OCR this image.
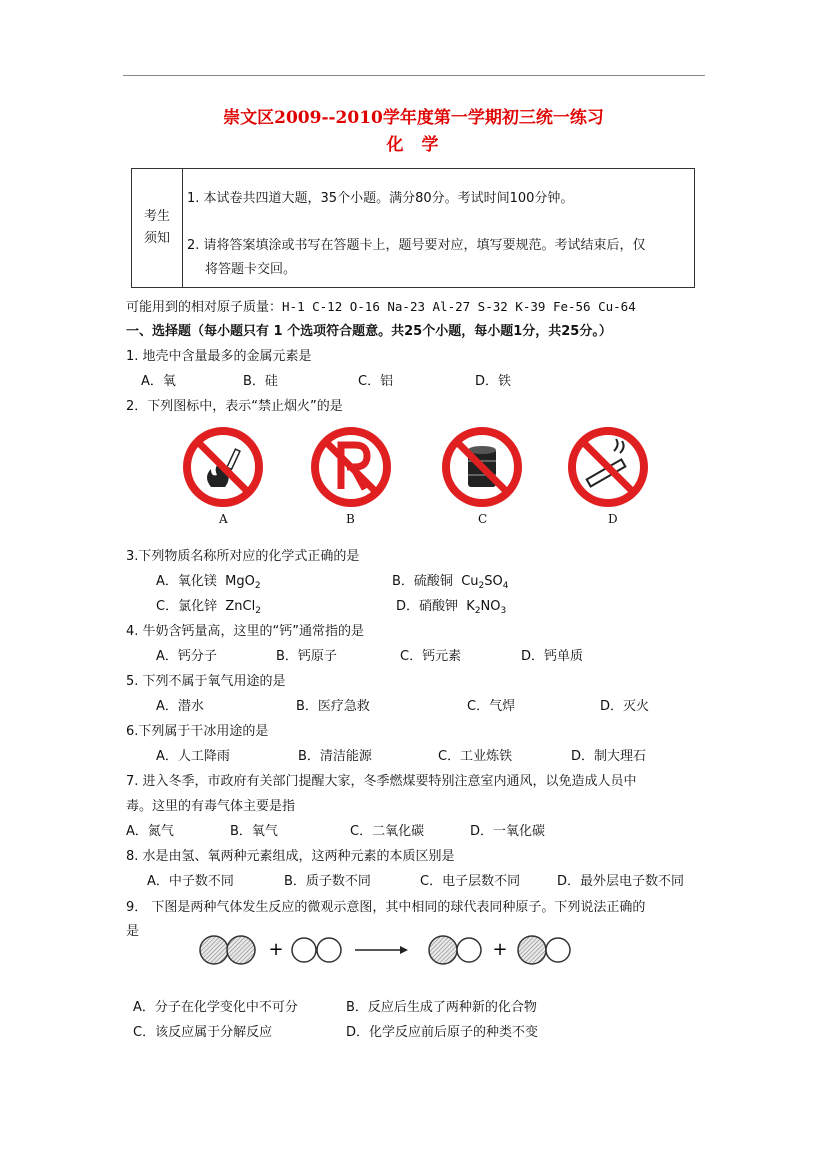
崇文区2009--2010学年度第一学期初三统一练习
化 学
考生
须知
	1. 本试卷共四道大题，35个小题。满分80分。考试时间100分钟。

2. 请将答案填涂或书写在答题卡上，题号要对应，填写要规范。考试结束后，仅
将答题卡交回。
可能用到的相对原子质量：H-1 C-12 O-16 Na-23 Al-27 S-32 K-39 Fe-56 Cu-64
一、选择题（每小题只有 1 个选项符合题意。共25个小题，每小题1分，共25分。）
1. 地壳中含量最多的金属元素是
A．氧	B．硅	C．铝	D．铁
2．下列图标中，表示“禁止烟火”的是
A	B	C	D
3.下列物质名称所对应的化学式正确的是
A．氧化镁 MgO$_2$	B．硫酸铜 $Cu_2SO_4$
C．氯化锌 ZnCl$_2$	D．硝酸钾 $K_2NO_3$
4. 牛奶含钙量高，这里的“钙”通常指的是
A．钙分子	B．钙原子	C．钙元素	D．钙单质
5. 下列不属于氧气用途的是
A．潜水	B．医疗急救	C．气焊	D．灭火
6.下列属于干冰用途的是
A．人工降雨	B．清洁能源	C．工业炼铁	D．制大理石
7. 进入冬季，市政府有关部门提醒大家，冬季燃煤要特别注意室内通风，以免造成人员中
毒。这里的有毒气体主要是指
A．氮气	B．氧气	C．二氧化碳	D．一氧化碳
8. 水是由氢、氧两种元素组成，这两种元素的本质区别是
A．中子数不同	B．质子数不同	C．电子层数不同	D．最外层电子数不同
9． 下图是两种气体发生反应的微观示意图，其中相同的球代表同种原子。下列说法正确的
是
+	+
A．分子在化学变化中不可分	B．反应后生成了两种新的化合物
C．该反应属于分解反应	D．化学反应前后原子的种类不变
